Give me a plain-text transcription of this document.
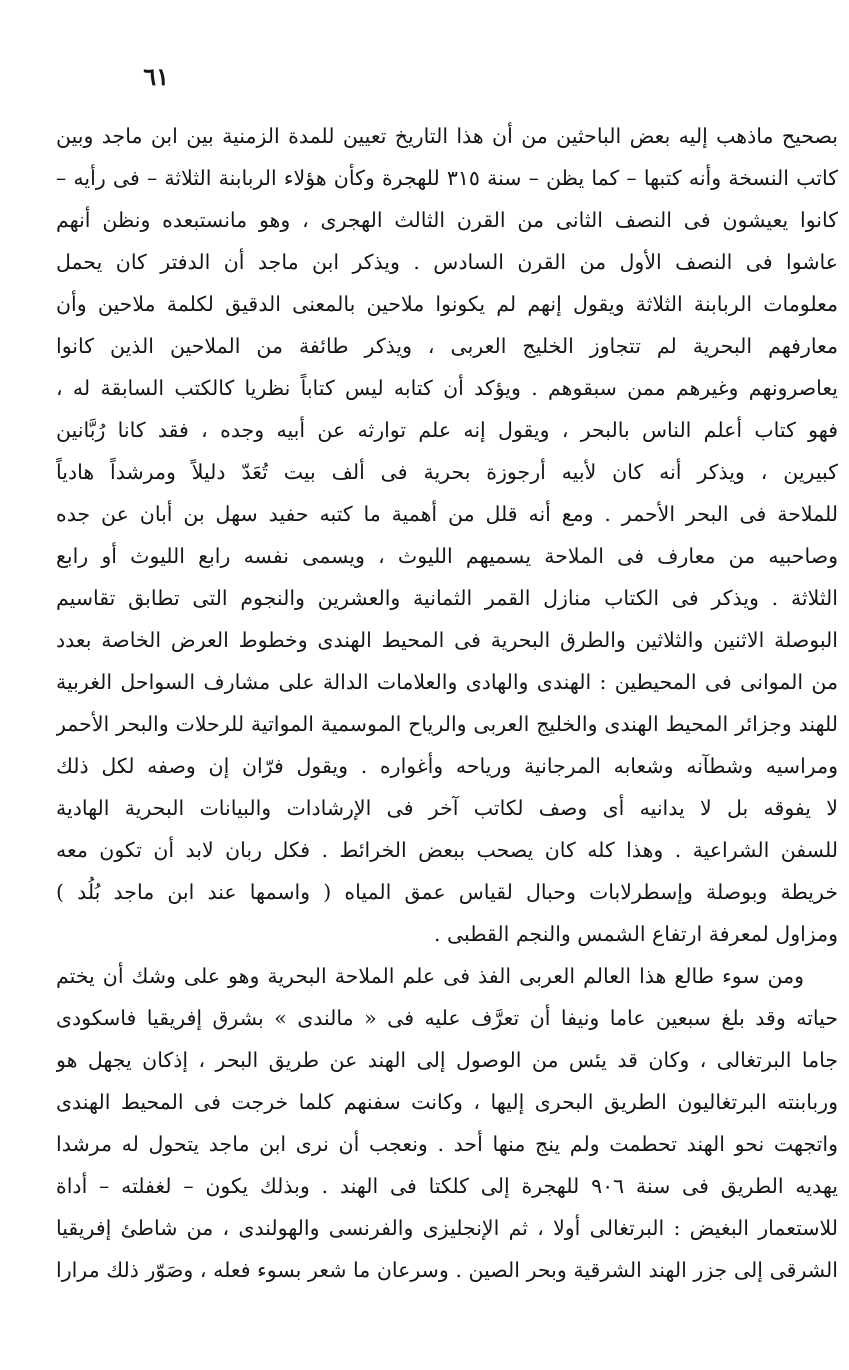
٦١
بصحيح ماذهب إليه بعض الباحثين من أن هذا التاريخ تعيين للمدة الزمنية بين ابن ماجد وبين
كاتب النسخة وأنه كتبها – كما يظن – سنة ٣١٥ للهجرة وكأن هؤلاء الربابنة الثلاثة – فى رأيه –
كانوا يعيشون فى النصف الثانى من القرن الثالث الهجرى ، وهو مانستبعده ونظن أنهم
عاشوا فى النصف الأول من القرن السادس . ويذكر ابن ماجد أن الدفتر كان يحمل
معلومات الربابنة الثلاثة ويقول إنهم لم يكونوا ملاحين بالمعنى الدقيق لكلمة ملاحين وأن
معارفهم البحرية لم تتجاوز الخليج العربى ، ويذكر طائفة من الملاحين الذين كانوا
يعاصرونهم وغيرهم ممن سبقوهم . ويؤكد أن كتابه ليس كتاباً نظريا كالكتب السابقة له ،
فهو كتاب أعلم الناس بالبحر ، ويقول إنه علم توارثه عن أبيه وجده ، فقد كانا رُبَّانين
كبيرين ، ويذكر أنه كان لأبيه أرجوزة بحرية فى ألف بيت تُعَدّ دليلاً ومرشداً هادياً
للملاحة فى البحر الأحمر . ومع أنه قلل من أهمية ما كتبه حفيد سهل بن أبان عن جده
وصاحبيه من معارف فى الملاحة يسميهم الليوث ، ويسمى نفسه رابع الليوث أو رابع
الثلاثة . ويذكر فى الكتاب منازل القمر الثمانية والعشرين والنجوم التى تطابق تقاسيم
البوصلة الاثنين والثلاثين والطرق البحرية فى المحيط الهندى وخطوط العرض الخاصة بعدد
من الموانى فى المحيطين : الهندى والهادى والعلامات الدالة على مشارف السواحل الغربية
للهند وجزائر المحيط الهندى والخليج العربى والرياح الموسمية المواتية للرحلات والبحر الأحمر
ومراسيه وشطآنه وشعابه المرجانية ورياحه وأغواره . ويقول فرّان إن وصفه لكل ذلك
لا يفوقه بل لا يدانيه أى وصف لكاتب آخر فى الإرشادات والبيانات البحرية الهادية
للسفن الشراعية . وهذا كله كان يصحب ببعض الخرائط . فكل ربان لابد أن تكون معه
خريطة وبوصلة وإسطرلابات وحبال لقياس عمق المياه ( واسمها عند ابن ماجد بُلُد )
ومزاول لمعرفة ارتفاع الشمس والنجم القطبى .
ومن سوء طالع هذا العالم العربى الفذ فى علم الملاحة البحرية وهو على وشك أن يختم
حياته وقد بلغ سبعين عاما ونيفا أن تعرَّف عليه فى « مالندى » بشرق إفريقيا فاسكودى
جاما البرتغالى ، وكان قد يئس من الوصول إلى الهند عن طريق البحر ، إذكان يجهل هو
وربابنته البرتغاليون الطريق البحرى إليها ، وكانت سفنهم كلما خرجت فى المحيط الهندى
واتجهت نحو الهند تحطمت ولم ينج منها أحد . ونعجب أن نرى ابن ماجد يتحول له مرشدا
يهديه الطريق فى سنة ٩٠٦ للهجرة إلى كلكتا فى الهند . وبذلك يكون – لغفلته – أداة
للاستعمار البغيض : البرتغالى أولا ، ثم الإنجليزى والفرنسى والهولندى ، من شاطئ إفريقيا
الشرقى إلى جزر الهند الشرقية وبحر الصين . وسرعان ما شعر بسوء فعله ، وصَوّر ذلك مرارا
